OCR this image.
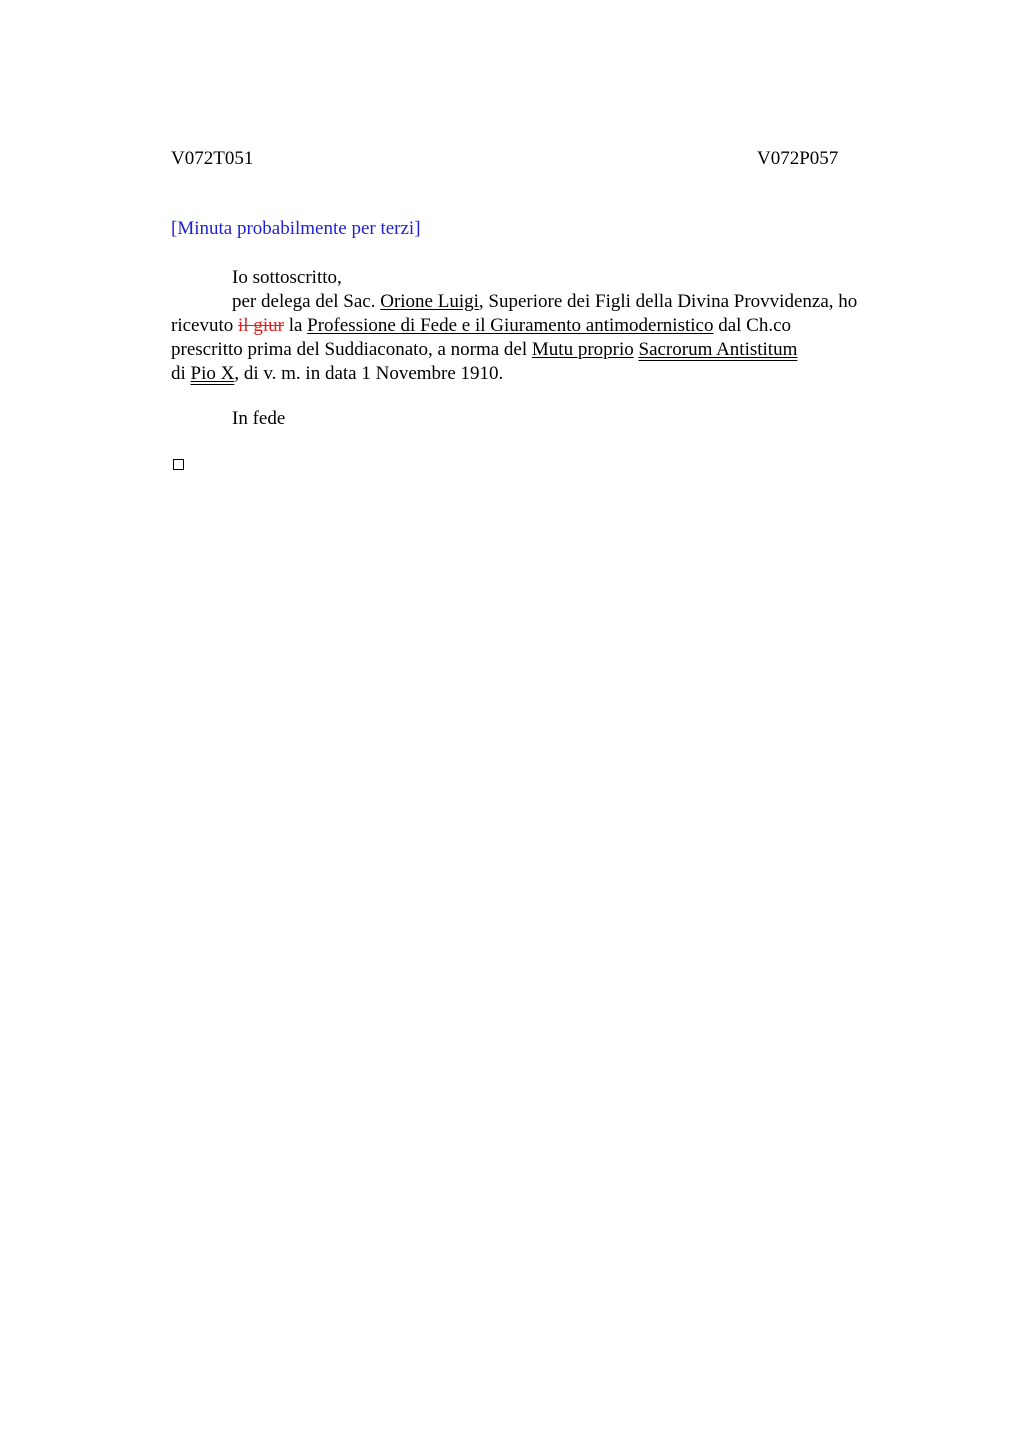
V072T051	V072P057
[Minuta probabilmente per terzi]
Io sottoscritto,
per delega del Sac. Orione Luigi, Superiore dei Figli della Divina Provvidenza, ho
ricevuto il giur la Professione di Fede e il Giuramento antimodernistico dal Ch.co
prescritto prima del Suddiaconato, a norma del Mutu proprio Sacrorum Antistitum
di Pio X, di v. m. in data 1 Novembre 1910.
In fede
